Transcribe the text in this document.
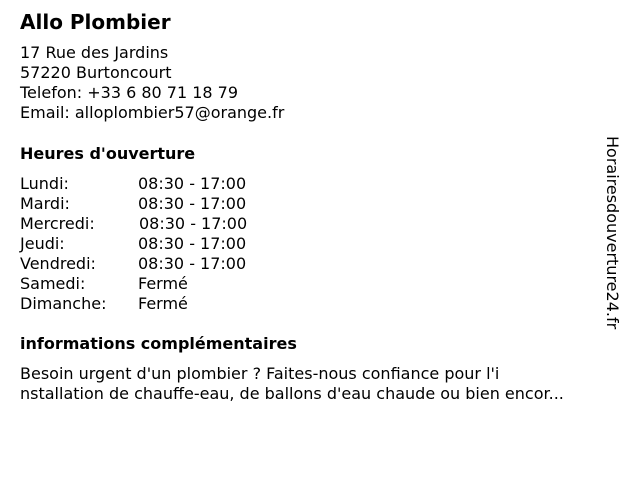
Allo Plombier
17 Rue des Jardins
57220 Burtoncourt
Telefon: +33 6 80 71 18 79
Email: alloplombier57@orange.fr
Heures d'ouverture
Lundi:	08:30 - 17:00
Mardi:	08:30 - 17:00
Mercredi:	08:30 - 17:00
Jeudi:	08:30 - 17:00
Vendredi:	08:30 - 17:00
Samedi:	Fermé
Dimanche: Fermé
informations complémentaires
Besoin urgent d'un plombier ? Faites-nous confiance pour l'i
nstallation de chauffe-eau, de ballons d'eau chaude ou bien encor...
Horairesdouverture24.fr
